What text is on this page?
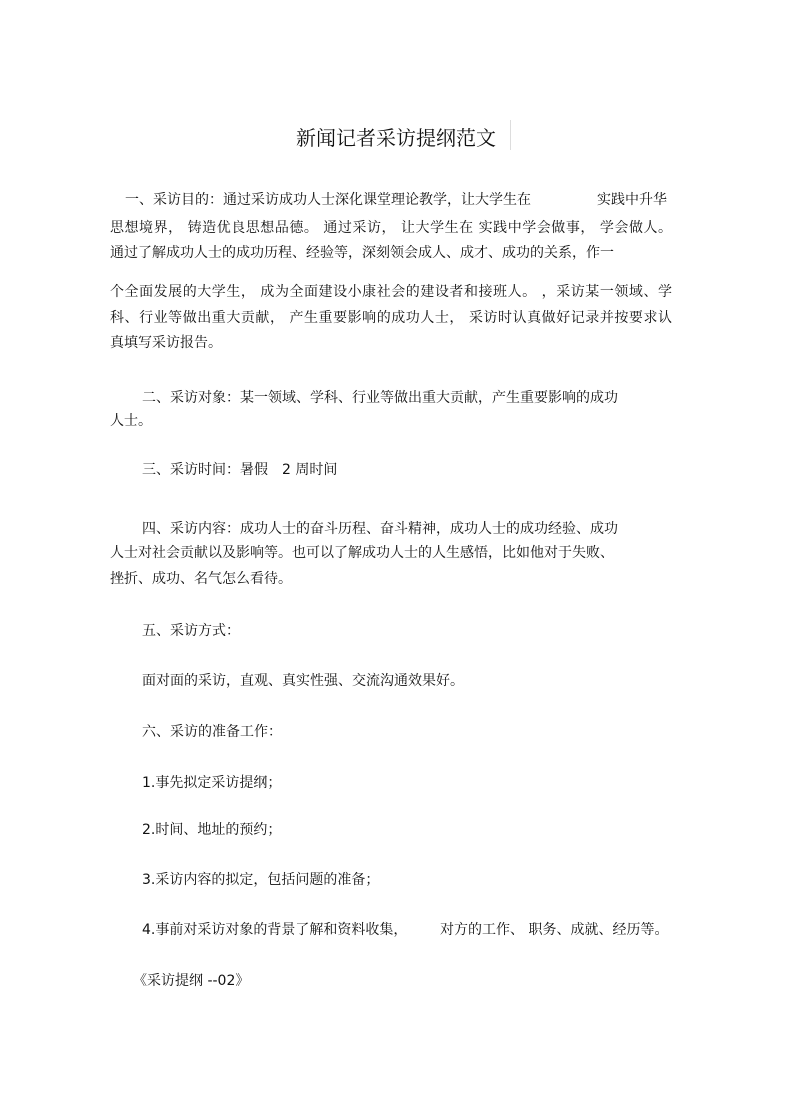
新闻记者采访提纲范文
一、采访目的：通过采访成功人士深化课堂理论教学，让大学生在	实践中升华
思想境界， 铸造优良思想品德。 通过采访， 让大学生在 实践中学会做事， 学会做人。
通过了解成功人士的成功历程、经验等，深刻领会成人、成才、成功的关系，作一
个全面发展的大学生， 成为全面建设小康社会的建设者和接班人。 ，采访某一领域、学
科、行业等做出重大贡献， 产生重要影响的成功人士， 采访时认真做好记录并按要求认
真填写采访报告。
二、采访对象：某一领域、学科、行业等做出重大贡献，产生重要影响的成功
人士。
三、采访时间：暑假　2 周时间
四、采访内容：成功人士的奋斗历程、奋斗精神，成功人士的成功经验、成功
人士对社会贡献以及影响等。也可以了解成功人士的人生感悟，比如他对于失败、
挫折、成功、名气怎么看待。
五、采访方式：
面对面的采访，直观、真实性强、交流沟通效果好。
六、采访的准备工作：
1.事先拟定采访提纲；
2.时间、地址的预约；
3.采访内容的拟定，包括问题的准备；
4.事前对采访对象的背景了解和资料收集， 对方的工作、 职务、成就、经历等。
《采访提纲 --02》
